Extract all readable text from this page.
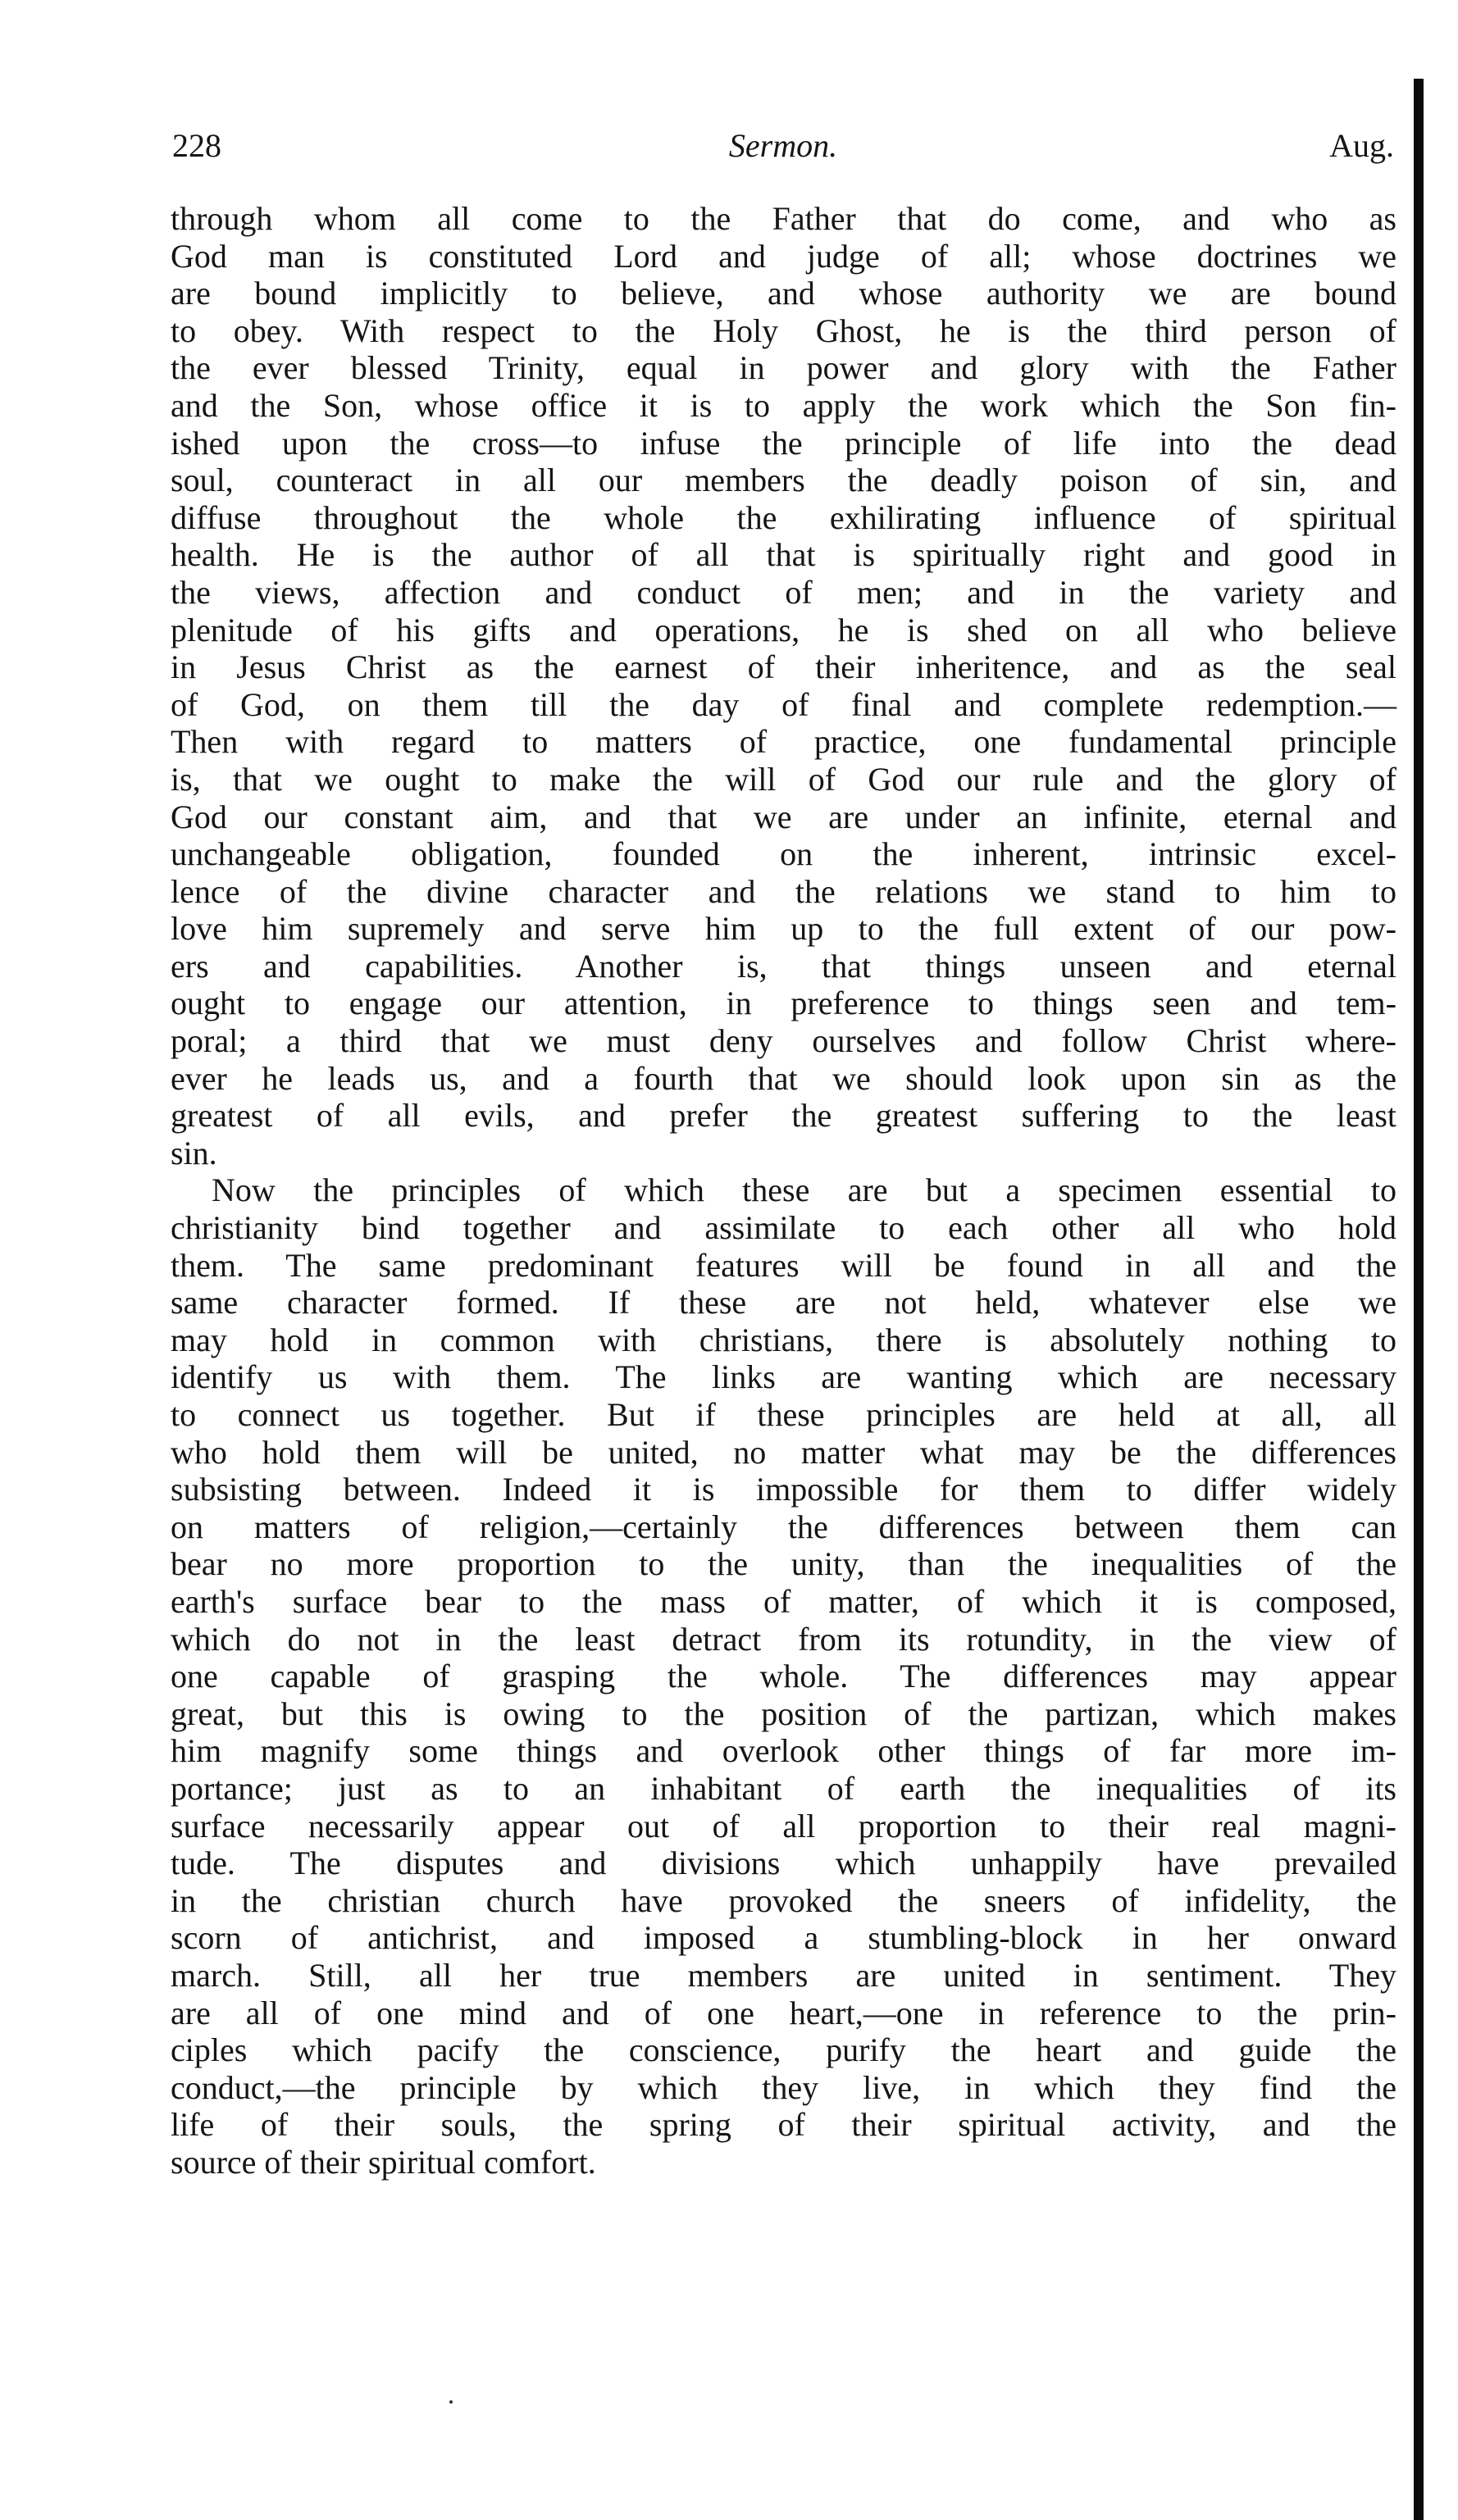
228	Sermon.	Aug.
through whom all come to the Father that do come, and who as
God man is constituted Lord and judge of all; whose doctrines we
are bound implicitly to believe, and whose authority we are bound
to obey. With respect to the Holy Ghost, he is the third person of
the ever blessed Trinity, equal in power and glory with the Father
and the Son, whose office it is to apply the work which the Son fin-
ished upon the cross—to infuse the principle of life into the dead
soul, counteract in all our members the deadly poison of sin, and
diffuse throughout the whole the exhilirating influence of spiritual
health. He is the author of all that is spiritually right and good in
the views, affection and conduct of men; and in the variety and
plenitude of his gifts and operations, he is shed on all who believe
in Jesus Christ as the earnest of their inheritence, and as the seal
of God, on them till the day of final and complete redemption.—
Then with regard to matters of practice, one fundamental principle
is, that we ought to make the will of God our rule and the glory of
God our constant aim, and that we are under an infinite, eternal and
unchangeable obligation, founded on the inherent, intrinsic excel-
lence of the divine character and the relations we stand to him to
love him supremely and serve him up to the full extent of our pow-
ers and capabilities. Another is, that things unseen and eternal
ought to engage our attention, in preference to things seen and tem-
poral; a third that we must deny ourselves and follow Christ where-
ever he leads us, and a fourth that we should look upon sin as the
greatest of all evils, and prefer the greatest suffering to the least
sin.
Now the principles of which these are but a specimen essential to
christianity bind together and assimilate to each other all who hold
them. The same predominant features will be found in all and the
same character formed. If these are not held, whatever else we
may hold in common with christians, there is absolutely nothing to
identify us with them. The links are wanting which are necessary
to connect us together. But if these principles are held at all, all
who hold them will be united, no matter what may be the differences
subsisting between. Indeed it is impossible for them to differ widely
on matters of religion,—certainly the differences between them can
bear no more proportion to the unity, than the inequalities of the
earth's surface bear to the mass of matter, of which it is composed,
which do not in the least detract from its rotundity, in the view of
one capable of grasping the whole. The differences may appear
great, but this is owing to the position of the partizan, which makes
him magnify some things and overlook other things of far more im-
portance; just as to an inhabitant of earth the inequalities of its
surface necessarily appear out of all proportion to their real magni-
tude. The disputes and divisions which unhappily have prevailed
in the christian church have provoked the sneers of infidelity, the
scorn of antichrist, and imposed a stumbling-block in her onward
march. Still, all her true members are united in sentiment. They
are all of one mind and of one heart,—one in reference to the prin-
ciples which pacify the conscience, purify the heart and guide the
conduct,—the principle by which they live, in which they find the
life of their souls, the spring of their spiritual activity, and the
source of their spiritual comfort.
